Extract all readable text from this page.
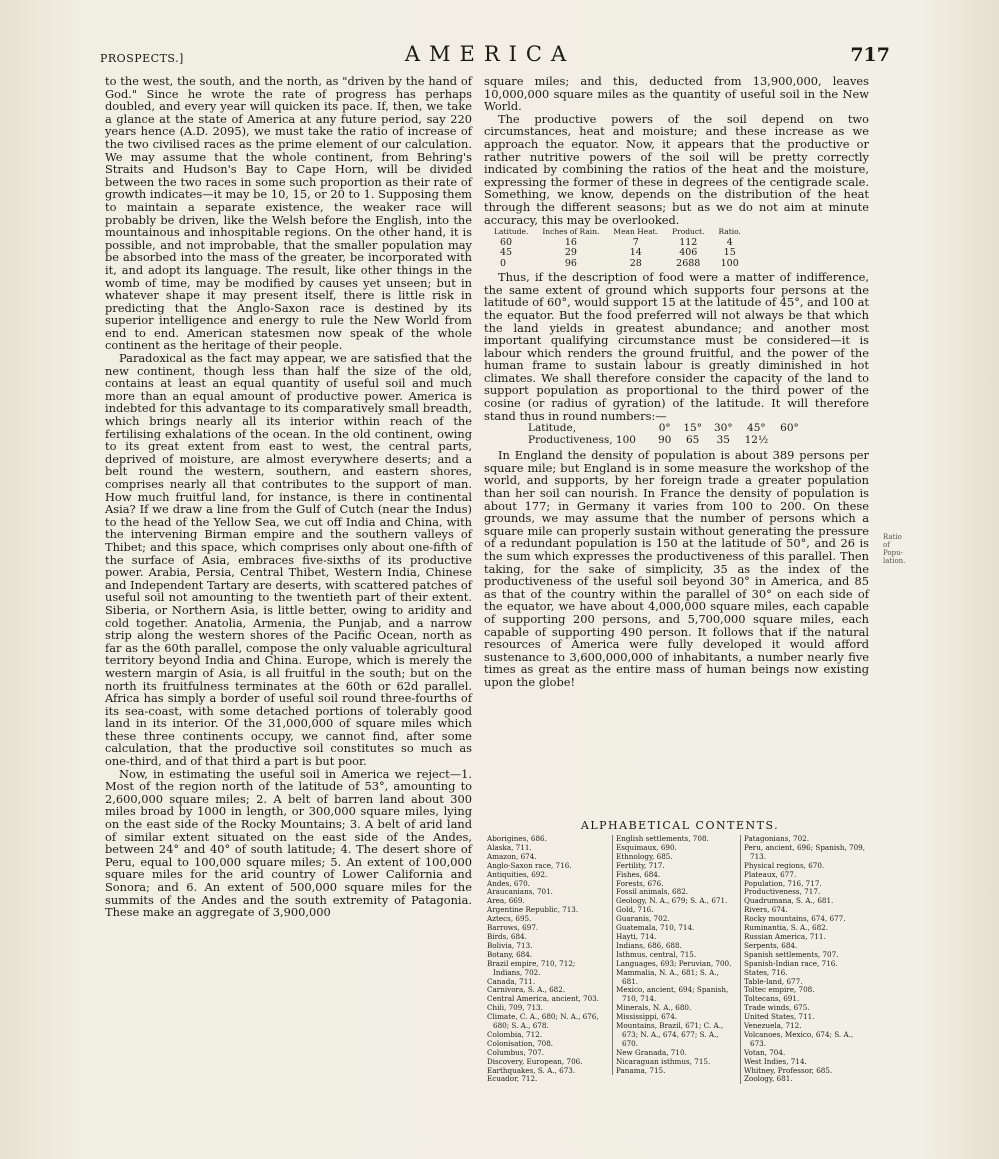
PROSPECTS.]	AMERICA	717

to the west, the south, and the north, as "driven by the hand of God." Since he wrote the rate of progress has perhaps doubled, and every year will quicken its pace. If, then, we take a glance at the state of America at any future period, say 220 years hence (A.D. 2095), we must take the ratio of increase of the two civilised races as the prime element of our calculation. We may assume that the whole continent, from Behring's Straits and Hudson's Bay to Cape Horn, will be divided between the two races in some such proportion as their rate of growth indicates—it may be 10, 15, or 20 to 1. Supposing them to maintain a separate existence, the weaker race will probably be driven, like the Welsh before the English, into the mountainous and inhospitable regions. On the other hand, it is possible, and not improbable, that the smaller population may be absorbed into the mass of the greater, be incorporated with it, and adopt its language. The result, like other things in the womb of time, may be modified by causes yet unseen; but in whatever shape it may present itself, there is little risk in predicting that the Anglo-Saxon race is destined by its superior intelligence and energy to rule the New World from end to end. American statesmen now speak of the whole continent as the heritage of their people.

Paradoxical as the fact may appear, we are satisfied that the new continent, though less than half the size of the old, contains at least an equal quantity of useful soil and much more than an equal amount of productive power. America is indebted for this advantage to its comparatively small breadth, which brings nearly all its interior within reach of the fertilising exhalations of the ocean. In the old continent, owing to its great extent from east to west, the central parts, deprived of moisture, are almost everywhere deserts; and a belt round the western, southern, and eastern shores, comprises nearly all that contributes to the support of man. How much fruitful land, for instance, is there in continental Asia? If we draw a line from the Gulf of Cutch (near the Indus) to the head of the Yellow Sea, we cut off India and China, with the intervening Birman empire and the southern valleys of Thibet; and this space, which comprises only about one-fifth of the surface of Asia, embraces five-sixths of its productive power. Arabia, Persia, Central Thibet, Western India, Chinese and Independent Tartary are deserts, with scattered patches of useful soil not amounting to the twentieth part of their extent. Siberia, or Northern Asia, is little better, owing to aridity and cold together. Anatolia, Armenia, the Punjab, and a narrow strip along the western shores of the Pacific Ocean, north as far as the 60th parallel, compose the only valuable agricultural territory beyond India and China. Europe, which is merely the western margin of Asia, is all fruitful in the south; but on the north its fruitfulness terminates at the 60th or 62d parallel. Africa has simply a border of useful soil round three-fourths of its sea-coast, with some detached portions of tolerably good land in its interior. Of the 31,000,000 of square miles which these three continents occupy, we cannot find, after some calculation, that the productive soil constitutes so much as one-third, and of that third a part is but poor.

Now, in estimating the useful soil in America we reject—1. Most of the region north of the latitude of 53°, amounting to 2,600,000 square miles; 2. A belt of barren land about 300 miles broad by 1000 in length, or 300,000 square miles, lying on the east side of the Rocky Mountains; 3. A belt of arid land of similar extent situated on the east side of the Andes, between 24° and 40° of south latitude; 4. The desert shore of Peru, equal to 100,000 square miles; 5. An extent of 100,000 square miles for the arid country of Lower California and Sonora; and 6. An extent of 500,000 square miles for the summits of the Andes and the south extremity of Patagonia. These make an aggregate of 3,900,000

square miles; and this, deducted from 13,900,000, leaves 10,000,000 square miles as the quantity of useful soil in the New World.

The productive powers of the soil depend on two circumstances, heat and moisture; and these increase as we approach the equator. Now, it appears that the productive or rather nutritive powers of the soil will be pretty correctly indicated by combining the ratios of the heat and the moisture, expressing the former of these in degrees of the centigrade scale. Something, we know, depends on the distribution of the heat through the different seasons; but as we do not aim at minute accuracy, this may be overlooked.

Latitude.	Inches of Rain.	Mean Heat.	Product.	Ratio.
60	16	7	112	4
45	29	14	406	15
0	96	28	2688	100

Thus, if the description of food were a matter of indifference, the same extent of ground which supports four persons at the latitude of 60°, would support 15 at the latitude of 45°, and 100 at the equator. But the food preferred will not always be that which the land yields in greatest abundance; and another most important qualifying circumstance must be considered—it is labour which renders the ground fruitful, and the power of the human frame to sustain labour is greatly diminished in hot climates. We shall therefore consider the capacity of the land to support population as proportional to the third power of the cosine (or radius of gyration) of the latitude. It will therefore stand thus in round numbers:—

Latitude,	0°	15°	30°	45°	60°
Productiveness, 100	90	65	35	12½	

In England the density of population is about 389 persons per square mile; but England is in some measure the workshop of the world, and supports, by her foreign trade a greater population than her soil can nourish. In France the density of population is about 177; in Germany it varies from 100 to 200. On these grounds, we may assume that the number of persons which a square mile can properly sustain without generating the pressure of a redundant population is 150 at the latitude of 50°, and 26 is the sum which expresses the productiveness of this parallel. Then taking, for the sake of simplicity, 35 as the index of the productiveness of the useful soil beyond 30° in America, and 85 as that of the country within the parallel of 30° on each side of the equator, we have about 4,000,000 square miles, each capable of supporting 200 persons, and 5,700,000 square miles, each capable of supporting 490 person. It follows that if the natural resources of America were fully developed it would afford sustenance to 3,600,000,000 of inhabitants, a number nearly five times as great as the entire mass of human beings now existing upon the globe!

Ratio
of
Popu-
lation.
ALPHABETICAL CONTENTS.
Aborigines, 686.
Alaska, 711.
Amazon, 674.
Anglo-Saxon race, 716.
Antiquities, 692.
Andes, 670.
Araucanians, 701.
Area, 669.
Argentine Republic, 713.
Aztecs, 695.
Barrows, 697.
Birds, 684.
Bolivia, 713.
Botany, 684.
Brazil empire, 710, 712; Indians, 702.
Canada, 711.
Carnivora, S. A., 682.
Central America, ancient, 703.
Chili, 709, 713.
Climate, C. A., 680; N. A., 676, 680; S. A., 678.
Colombia, 712.
Colonisation, 708.
Columbus, 707.
Discovery, European, 706.
Earthquakes, S. A., 673.
Ecuador, 712.
English settlements, 708.
Esquimaux, 690.
Ethnology, 685.
Fertility, 717.
Fishes, 684.
Forests, 676.
Fossil animals, 682.
Geology, N. A., 679; S. A., 671.
Gold, 716.
Guaranis, 702.
Guatemala, 710, 714.
Hayti, 714.
Indians, 686, 688.
Isthmus, central, 715.
Languages, 693; Peruvian, 700.
Mammalia, N. A., 681; S. A., 681.
Mexico, ancient, 694; Spanish, 710, 714.
Minerals, N. A., 680.
Mississippi, 674.
Mountains, Brazil, 671; C. A., 673; N. A., 674, 677; S. A., 670.
New Granada, 710.
Nicaraguan isthmus, 715.
Panama, 715.
Patagonians, 702.
Peru, ancient, 696; Spanish, 709, 713.
Physical regions, 670.
Plateaux, 677.
Population, 716, 717.
Productiveness, 717.
Quadrumana, S. A., 681.
Rivers, 674.
Rocky mountains, 674, 677.
Ruminantia, S. A., 682.
Russian America, 711.
Serpents, 684.
Spanish settlements, 707.
Spanish-Indian race, 716.
States, 716.
Table-land, 677.
Toltec empire, 708.
Toltecans, 691.
Trade winds, 675.
United States, 711.
Venezuela, 712.
Volcanoes, Mexico, 674; S. A., 673.
Votan, 704.
West Indies, 714.
Whitney, Professor, 685.
Zoology, 681.
